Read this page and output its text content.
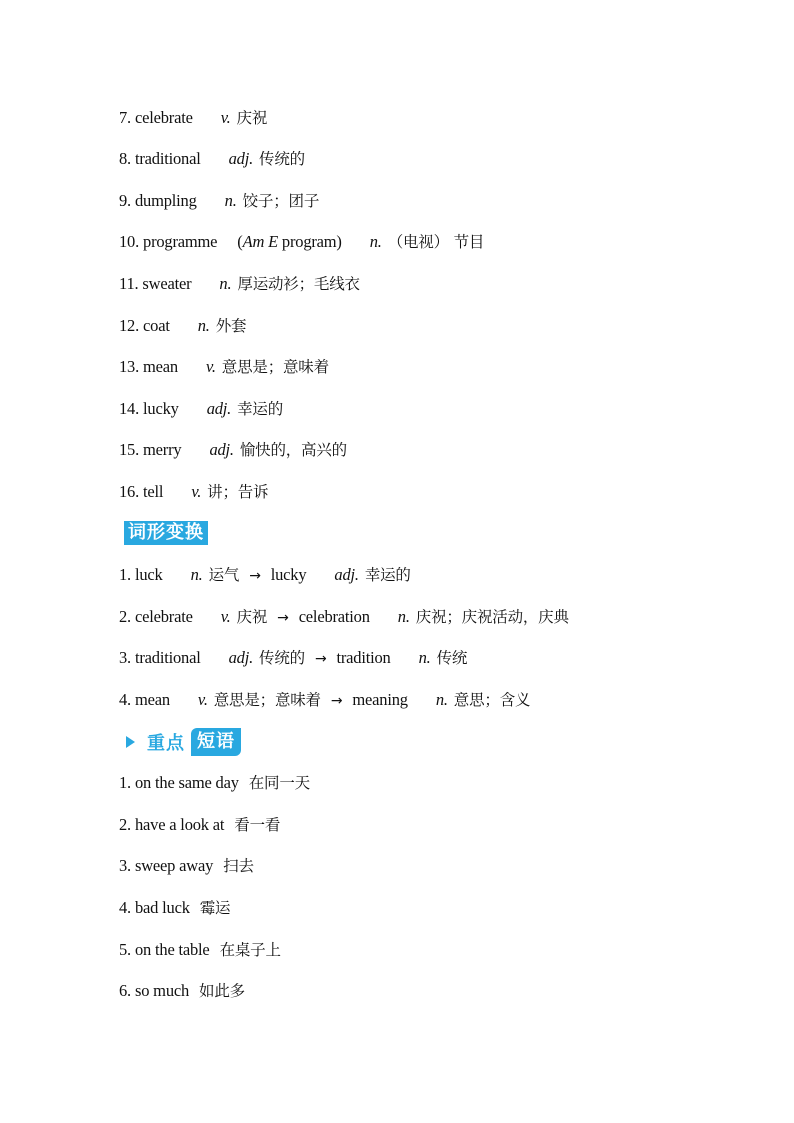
7. celebrate v. 庆祝
8. traditional adj. 传统的
9. dumpling n. 饺子；团子
10. programme (Am E program) n. （电视） 节目
11. sweater n. 厚运动衫；毛线衣
12. coat n. 外套
13. mean v. 意思是；意味着
14. lucky adj. 幸运的
15. merry adj. 愉快的，高兴的
16. tell v. 讲；告诉
词形变换
1. luck n. 运气 → lucky adj. 幸运的
2. celebrate v. 庆祝 → celebration n. 庆祝；庆祝活动，庆典
3. traditional adj. 传统的 → tradition n. 传统
4. mean v. 意思是；意味着 → meaning n. 意思；含义
重点 短语
1. on the same day 在同一天
2. have a look at 看一看
3. sweep away 扫去
4. bad luck 霉运
5. on the table 在桌子上
6. so much 如此多
